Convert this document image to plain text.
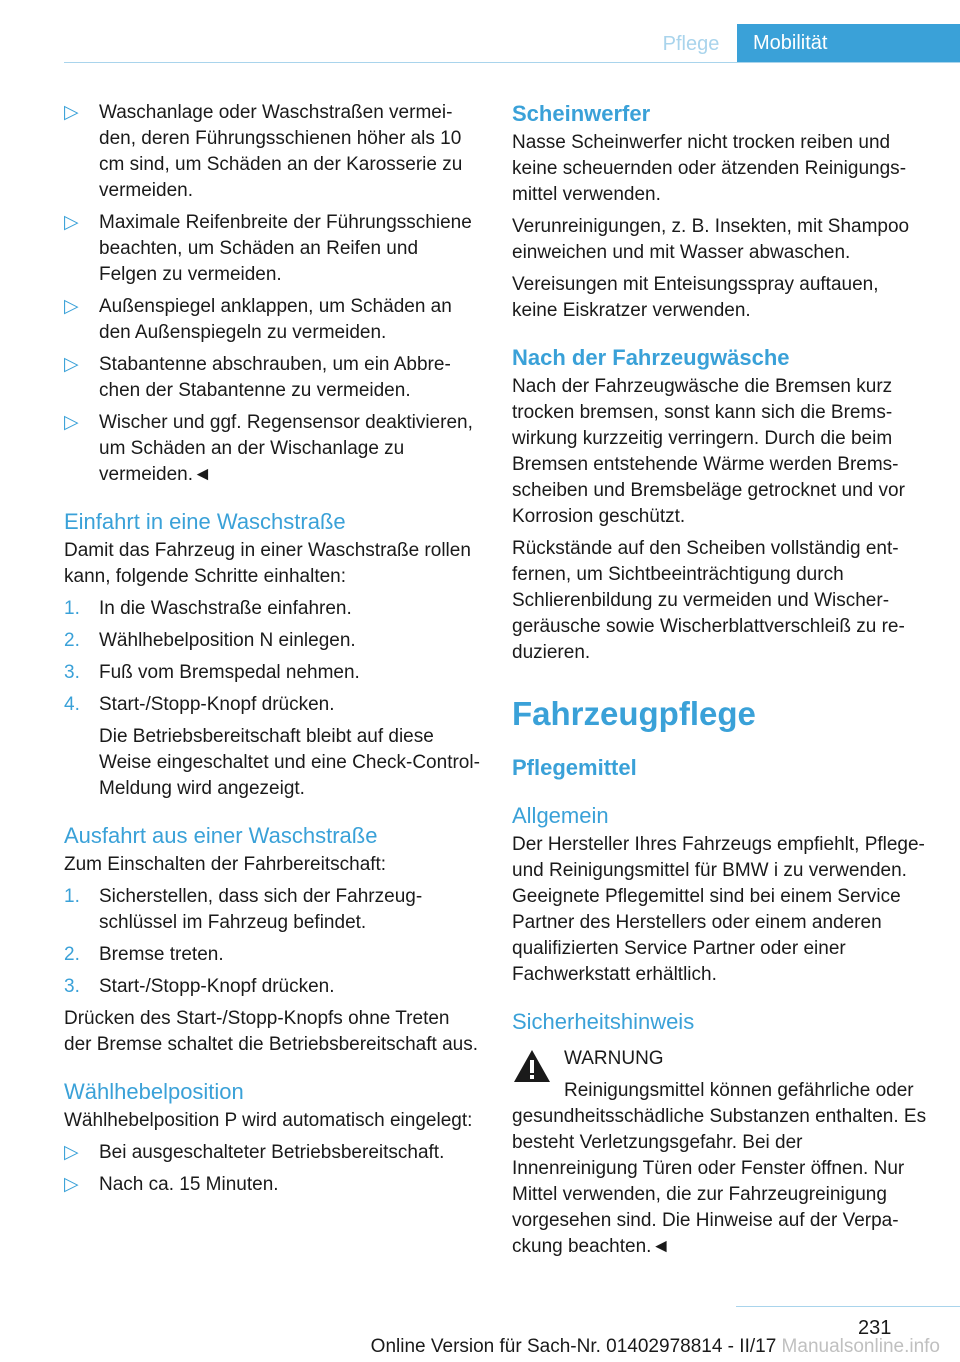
Pflege	Mobilität
▷	Waschanlage oder Waschstraßen vermeiden, deren Führungsschienen höher als 10 cm sind, um Schäden an der Karosserie zu vermeiden.
▷	Maximale Reifenbreite der Führungsschiene beachten, um Schäden an Reifen und Felgen zu vermeiden.
▷	Außenspiegel anklappen, um Schäden an den Außenspiegeln zu vermeiden.
▷	Stabantenne abschrauben, um ein Abbrechen der Stabantenne zu vermeiden.
▷	Wischer und ggf. Regensensor deaktivieren, um Schäden an der Wischanlage zu vermeiden.◄
Einfahrt in eine Waschstraße

Damit das Fahrzeug in einer Waschstraße rollen kann, folgende Schritte einhalten:

1.	In die Waschstraße einfahren.
2.	Wählhebelposition N einlegen.
3.	Fuß vom Bremspedal nehmen.
4.	Start-/Stopp-Knopf drücken.
Die Betriebsbereitschaft bleibt auf diese Weise eingeschaltet und eine Check-Control-Meldung wird angezeigt.
Ausfahrt aus einer Waschstraße

Zum Einschalten der Fahrbereitschaft:

1.	Sicherstellen, dass sich der Fahrzeugschlüssel im Fahrzeug befindet.
2.	Bremse treten.
3.	Start-/Stopp-Knopf drücken.

Drücken des Start-/Stopp-Knopfs ohne Treten der Bremse schaltet die Betriebsbereitschaft aus.

Wählhebelposition

Wählhebelposition P wird automatisch eingelegt:

▷	Bei ausgeschalteter Betriebsbereitschaft.
▷	Nach ca. 15 Minuten.
Scheinwerfer

Nasse Scheinwerfer nicht trocken reiben und keine scheuernden oder ätzenden Reinigungsmittel verwenden.

Verunreinigungen, z. B. Insekten, mit Shampoo einweichen und mit Wasser abwaschen.

Vereisungen mit Enteisungsspray auftauen, keine Eiskratzer verwenden.

Nach der Fahrzeugwäsche

Nach der Fahrzeugwäsche die Bremsen kurz trocken bremsen, sonst kann sich die Bremswirkung kurzzeitig verringern. Durch die beim Bremsen entstehende Wärme werden Bremsscheiben und Bremsbeläge getrocknet und vor Korrosion geschützt.

Rückstände auf den Scheiben vollständig entfernen, um Sichtbeeinträchtigung durch Schlierenbildung zu vermeiden und Wischergeräusche sowie Wischerblattverschleiß zu reduzieren.

Fahrzeugpflege
Pflegemittel
Allgemein

Der Hersteller Ihres Fahrzeugs empfiehlt, Pflege- und Reinigungsmittel für BMW i zu verwenden. Geeignete Pflegemittel sind bei einem Service Partner des Herstellers oder einem anderen qualifizierten Service Partner oder einer Fachwerkstatt erhältlich.

Sicherheitshinweis
WARNUNG

Reinigungsmittel können gefährliche oder gesundheitsschädliche Substanzen enthalten. Es besteht Verletzungsgefahr. Bei der Innenreinigung Türen oder Fenster öffnen. Nur Mittel verwenden, die zur Fahrzeugreinigung vorgesehen sind. Die Hinweise auf der Verpackung beachten.◄

231
Online Version für Sach-Nr. 01402978814 - II/17 Manualsonline.info
